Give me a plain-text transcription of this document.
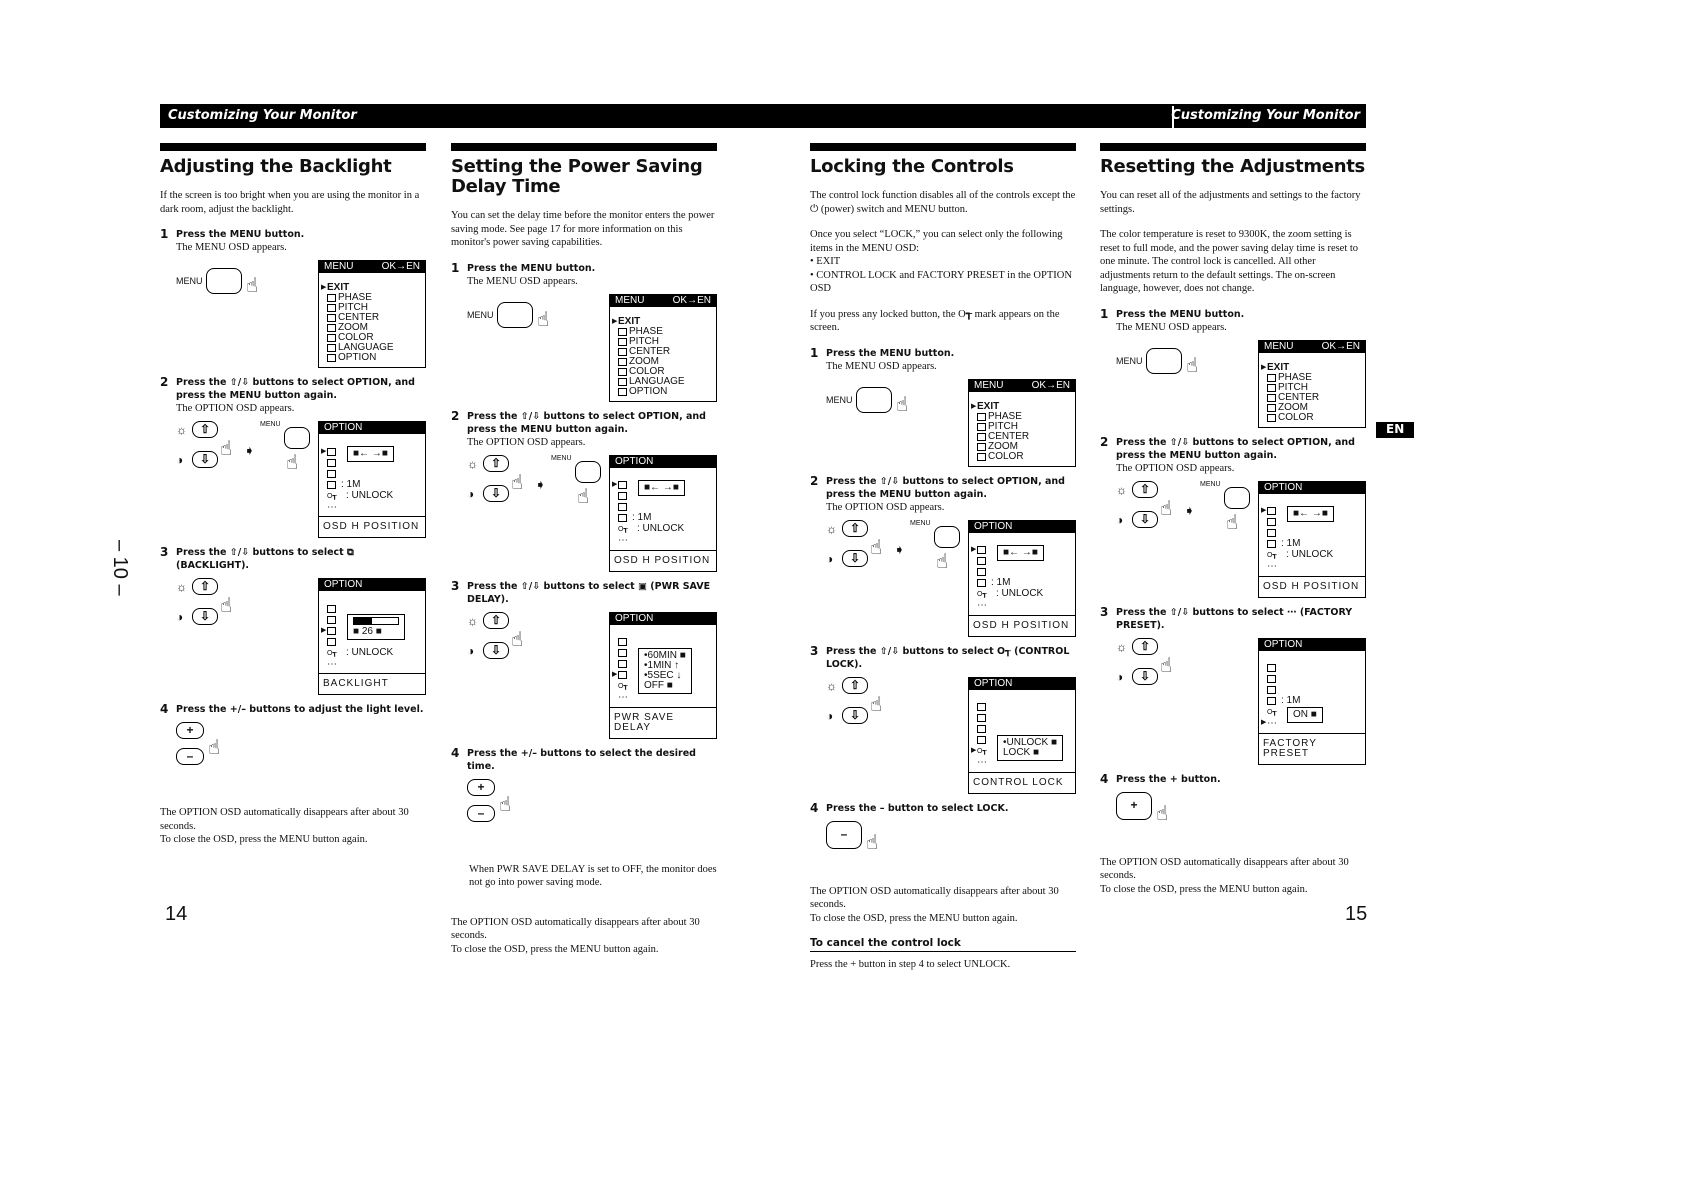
Customizing Your Monitor	Customizing Your Monitor
– 10 –
EN
14	15
Adjusting the Backlight
If the screen is too bright when you are using the monitor in a dark room, adjust the backlight.
1 Press the MENU button.
The MENU OSD appears.
MENU ☝
MENU	OK→EN
▶ EXIT
PHASE
PITCH
CENTER
ZOOM
COLOR
LANGUAGE
OPTION
2 Press the ⇧/⇩ buttons to select OPTION, and press the MENU button again.
The OPTION OSD appears.
☼	⇧
◑	⇩ ☝ ➧
MENU
☝
OPTION
▶
: 1M
O┱ : UNLOCK
⋯
■← →■
OSD H POSITION
3 Press the ⇧/⇩ buttons to select ⧉ (BACKLIGHT).
☼	⇧
◑	⇩ ☝
OPTION
▶
O┱ : UNLOCK
⋯

■ 26 ■
BACKLIGHT
4 Press the +/– buttons to adjust the light level.
+
– ☝
The OPTION OSD automatically disappears after about 30 seconds.
To close the OSD, press the MENU button again.
Setting the Power Saving Delay Time
You can set the delay time before the monitor enters the power saving mode. See page 17 for more information on this monitor's power saving capabilities.
1 Press the MENU button.
The MENU OSD appears.
MENU ☝
MENU	OK→EN
▶ EXIT
PHASE
PITCH
CENTER
ZOOM
COLOR
LANGUAGE
OPTION
2 Press the ⇧/⇩ buttons to select OPTION, and press the MENU button again.
The OPTION OSD appears.
☼	⇧
◑	⇩ ☝ ➧
MENU
☝
OPTION
▶
: 1M
O┱ : UNLOCK
⋯
■← →■
OSD H POSITION
3 Press the ⇧/⇩ buttons to select ▣ (PWR SAVE DELAY).
☼	⇧
◑	⇩ ☝
OPTION
▶
O┱
⋯
•60MIN ■
•1MIN ↑
•5SEC ↓
OFF ■
PWR SAVE DELAY
4 Press the +/– buttons to select the desired time.
+
– ☝
When PWR SAVE DELAY is set to OFF, the monitor does not go into power saving mode.
The OPTION OSD automatically disappears after about 30 seconds.
To close the OSD, press the MENU button again.
Locking the Controls
The control lock function disables all of the controls except the ⏻ (power) switch and MENU button.
Once you select “LOCK,” you can select only the following items in the MENU OSD:
• EXIT
• CONTROL LOCK and FACTORY PRESET in the OPTION OSD
If you press any locked button, the O┱ mark appears on the screen.
1 Press the MENU button.
The MENU OSD appears.
MENU ☝
MENU	OK→EN
▶ EXIT
PHASE
PITCH
CENTER
ZOOM
COLOR
2 Press the ⇧/⇩ buttons to select OPTION, and press the MENU button again.
The OPTION OSD appears.
☼	⇧
◑	⇩ ☝ ➧
MENU
☝
OPTION
▶
: 1M
O┱ : UNLOCK
⋯
■← →■
OSD H POSITION
3 Press the ⇧/⇩ buttons to select O┱ (CONTROL LOCK).
☼	⇧
◑	⇩ ☝
OPTION
▶ O┱
⋯
•UNLOCK ■
LOCK ■
CONTROL LOCK
4 Press the – button to select LOCK.
– ☝
The OPTION OSD automatically disappears after about 30 seconds.
To close the OSD, press the MENU button again.
To cancel the control lock
Press the + button in step 4 to select UNLOCK.
Resetting the Adjustments
You can reset all of the adjustments and settings to the factory settings.
The color temperature is reset to 9300K, the zoom setting is reset to full mode, and the power saving delay time is reset to one minute. The control lock is cancelled. All other adjustments return to the default settings. The on-screen language, however, does not change.
1 Press the MENU button.
The MENU OSD appears.
MENU ☝
MENU	OK→EN
▶ EXIT
PHASE
PITCH
CENTER
ZOOM
COLOR
2 Press the ⇧/⇩ buttons to select OPTION, and press the MENU button again.
The OPTION OSD appears.
☼	⇧
◑	⇩ ☝ ➧
MENU
☝
OPTION
▶
: 1M
O┱ : UNLOCK
⋯
■← →■
OSD H POSITION
3 Press the ⇧/⇩ buttons to select ⋯ (FACTORY PRESET).
☼	⇧
◑	⇩ ☝
OPTION
: 1M
O┱
▶ ⋯
ON ■
FACTORY PRESET
4 Press the + button.
+ ☝
The OPTION OSD automatically disappears after about 30 seconds.
To close the OSD, press the MENU button again.
